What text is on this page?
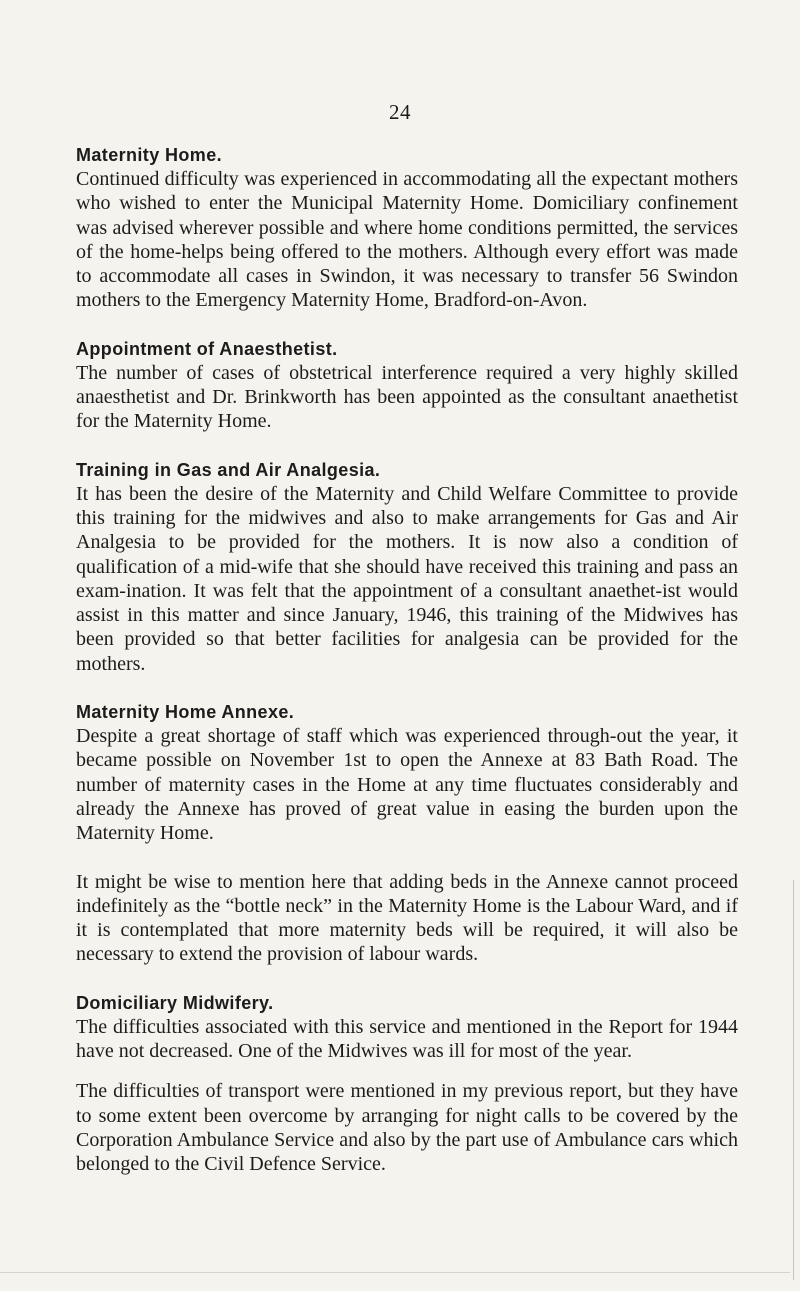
24
Maternity Home.

Continued difficulty was experienced in accommodating all the expectant mothers who wished to enter the Municipal Maternity Home. Domiciliary confinement was advised wherever possible and where home conditions permitted, the services of the home-helps being offered to the mothers. Although every effort was made to accommodate all cases in Swindon, it was necessary to transfer 56 Swindon mothers to the Emergency Maternity Home, Bradford-on-Avon.

Appointment of Anaesthetist.

The number of cases of obstetrical interference required a very highly skilled anaesthetist and Dr. Brinkworth has been appointed as the consultant anaethetist for the Maternity Home.

Training in Gas and Air Analgesia.

It has been the desire of the Maternity and Child Welfare Committee to provide this training for the midwives and also to make arrangements for Gas and Air Analgesia to be provided for the mothers. It is now also a condition of qualification of a mid-wife that she should have received this training and pass an exam-ination. It was felt that the appointment of a consultant anaethet-ist would assist in this matter and since January, 1946, this training of the Midwives has been provided so that better facilities for analgesia can be provided for the mothers.

Maternity Home Annexe.

Despite a great shortage of staff which was experienced through-out the year, it became possible on November 1st to open the Annexe at 83 Bath Road. The number of maternity cases in the Home at any time fluctuates considerably and already the Annexe has proved of great value in easing the burden upon the Maternity Home.

It might be wise to mention here that adding beds in the Annexe cannot proceed indefinitely as the “bottle neck” in the Maternity Home is the Labour Ward, and if it is contemplated that more maternity beds will be required, it will also be necessary to extend the provision of labour wards.

Domiciliary Midwifery.

The difficulties associated with this service and mentioned in the Report for 1944 have not decreased. One of the Midwives was ill for most of the year.

The difficulties of transport were mentioned in my previous report, but they have to some extent been overcome by arranging for night calls to be covered by the Corporation Ambulance Service and also by the part use of Ambulance cars which belonged to the Civil Defence Service.
